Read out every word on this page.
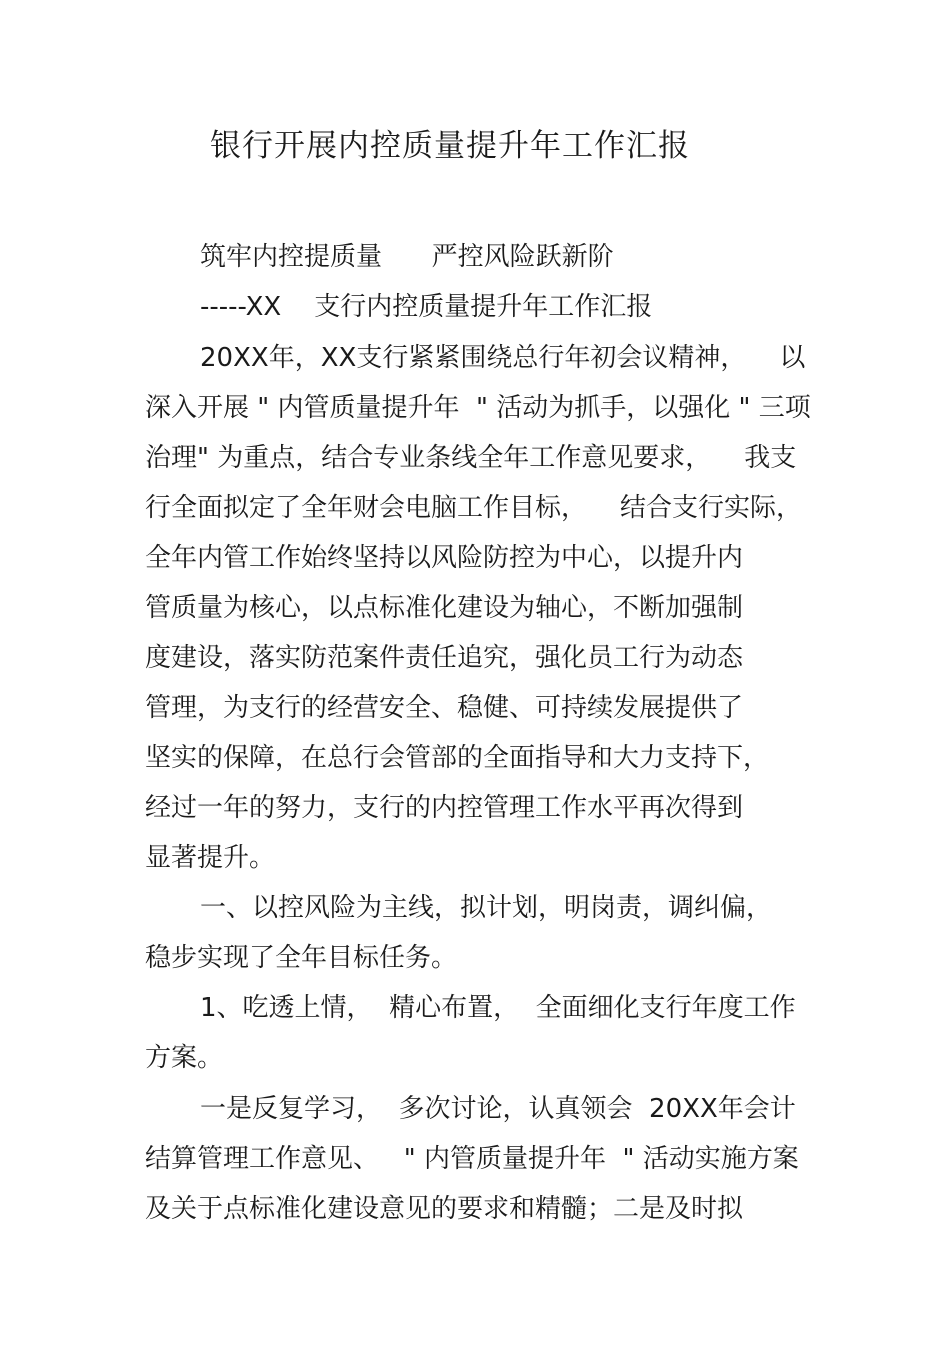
银行开展内控质量提升年工作汇报
筑牢内控提质量      严控风险跃新阶
-----XX    支行内控质量提升年工作汇报
20XX年，XX支行紧紧围绕总行年初会议精神，    以
深入开展 " 内管质量提升年  " 活动为抓手，以强化 " 三项
治理" 为重点，结合专业条线全年工作意见要求，    我支
行全面拟定了全年财会电脑工作目标，    结合支行实际，
全年内管工作始终坚持以风险防控为中心，以提升内
管质量为核心，以点标准化建设为轴心，不断加强制
度建设，落实防范案件责任追究，强化员工行为动态
管理，为支行的经营安全、稳健、可持续发展提供了
坚实的保障，在总行会管部的全面指导和大力支持下，
经过一年的努力，支行的内控管理工作水平再次得到
显著提升。
一、以控风险为主线，拟计划，明岗责，调纠偏，
稳步实现了全年目标任务。
1、吃透上情，  精心布置，  全面细化支行年度工作
方案。
一是反复学习，  多次讨论，认真领会  20XX年会计
结算管理工作意见、   " 内管质量提升年  " 活动实施方案
及关于点标准化建设意见的要求和精髓；二是及时拟
